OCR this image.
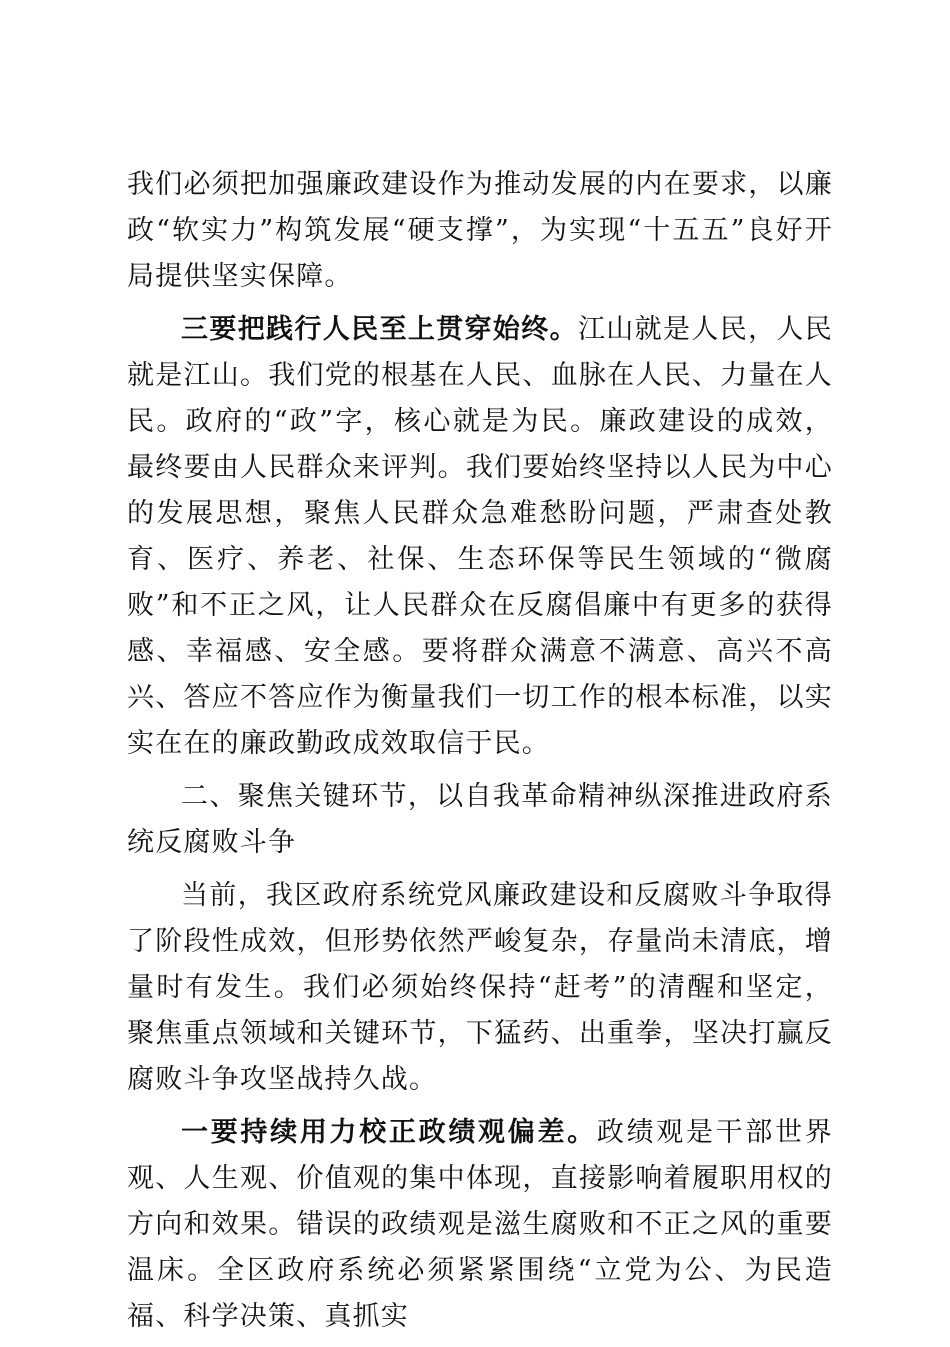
我们必须把加强廉政建设作为推动发展的内在要求，以廉政“软实力”构筑发展“硬支撑”，为实现“十五五”良好开局提供坚实保障。

三要把践行人民至上贯穿始终。江山就是人民，人民就是江山。我们党的根基在人民、血脉在人民、力量在人民。政府的“政”字，核心就是为民。廉政建设的成效，最终要由人民群众来评判。我们要始终坚持以人民为中心的发展思想，聚焦人民群众急难愁盼问题，严肃查处教育、医疗、养老、社保、生态环保等民生领域的“微腐败”和不正之风，让人民群众在反腐倡廉中有更多的获得感、幸福感、安全感。要将群众满意不满意、高兴不高兴、答应不答应作为衡量我们一切工作的根本标准，以实实在在的廉政勤政成效取信于民。

二、聚焦关键环节，以自我革命精神纵深推进政府系统反腐败斗争

当前，我区政府系统党风廉政建设和反腐败斗争取得了阶段性成效，但形势依然严峻复杂，存量尚未清底，增量时有发生。我们必须始终保持“赶考”的清醒和坚定，聚焦重点领域和关键环节，下猛药、出重拳，坚决打赢反腐败斗争攻坚战持久战。

一要持续用力校正政绩观偏差。政绩观是干部世界观、人生观、价值观的集中体现，直接影响着履职用权的方向和效果。错误的政绩观是滋生腐败和不正之风的重要温床。全区政府系统必须紧紧围绕“立党为公、为民造福、科学决策、真抓实
